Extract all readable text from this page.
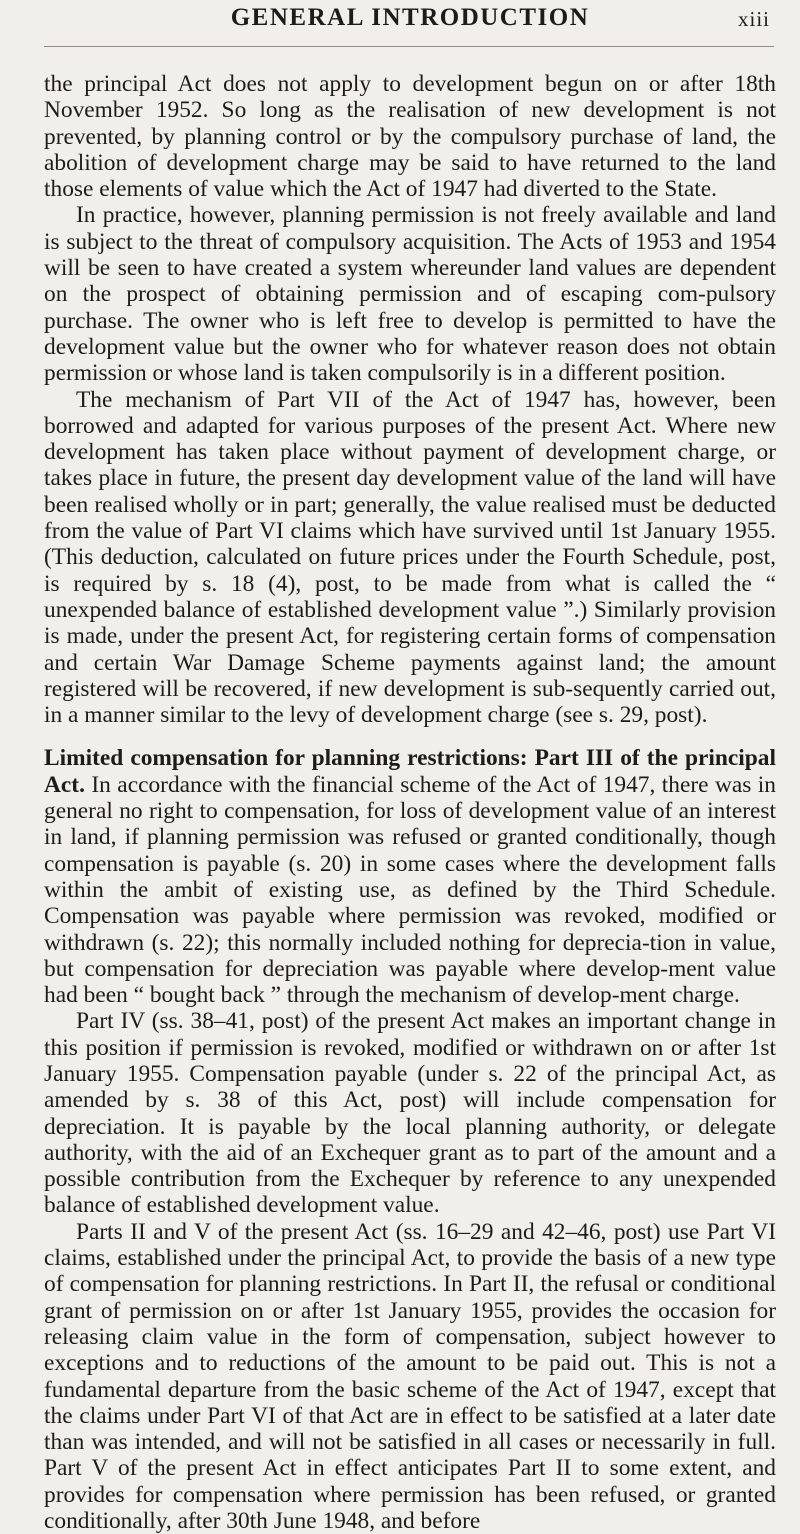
GENERAL INTRODUCTION	xiii

the principal Act does not apply to development begun on or after 18th November 1952. So long as the realisation of new development is not prevented, by planning control or by the compulsory purchase of land, the abolition of development charge may be said to have returned to the land those elements of value which the Act of 1947 had diverted to the State.

In practice, however, planning permission is not freely available and land is subject to the threat of compulsory acquisition. The Acts of 1953 and 1954 will be seen to have created a system whereunder land values are dependent on the prospect of obtaining permission and of escaping com-pulsory purchase. The owner who is left free to develop is permitted to have the development value but the owner who for whatever reason does not obtain permission or whose land is taken compulsorily is in a different position.

The mechanism of Part VII of the Act of 1947 has, however, been borrowed and adapted for various purposes of the present Act. Where new development has taken place without payment of development charge, or takes place in future, the present day development value of the land will have been realised wholly or in part; generally, the value realised must be deducted from the value of Part VI claims which have survived until 1st January 1955. (This deduction, calculated on future prices under the Fourth Schedule, post, is required by s. 18 (4), post, to be made from what is called the “ unexpended balance of established development value ”.) Similarly provision is made, under the present Act, for registering certain forms of compensation and certain War Damage Scheme payments against land; the amount registered will be recovered, if new development is sub-sequently carried out, in a manner similar to the levy of development charge (see s. 29, post).

Limited compensation for planning restrictions: Part III of the principal Act. In accordance with the financial scheme of the Act of 1947, there was in general no right to compensation, for loss of development value of an interest in land, if planning permission was refused or granted conditionally, though compensation is payable (s. 20) in some cases where the development falls within the ambit of existing use, as defined by the Third Schedule. Compensation was payable where permission was revoked, modified or withdrawn (s. 22); this normally included nothing for deprecia-tion in value, but compensation for depreciation was payable where develop-ment value had been “ bought back ” through the mechanism of develop-ment charge.

Part IV (ss. 38–41, post) of the present Act makes an important change in this position if permission is revoked, modified or withdrawn on or after 1st January 1955. Compensation payable (under s. 22 of the principal Act, as amended by s. 38 of this Act, post) will include compensation for depreciation. It is payable by the local planning authority, or delegate authority, with the aid of an Exchequer grant as to part of the amount and a possible contribution from the Exchequer by reference to any unexpended balance of established development value.

Parts II and V of the present Act (ss. 16–29 and 42–46, post) use Part VI claims, established under the principal Act, to provide the basis of a new type of compensation for planning restrictions. In Part II, the refusal or conditional grant of permission on or after 1st January 1955, provides the occasion for releasing claim value in the form of compensation, subject however to exceptions and to reductions of the amount to be paid out. This is not a fundamental departure from the basic scheme of the Act of 1947, except that the claims under Part VI of that Act are in effect to be satisfied at a later date than was intended, and will not be satisfied in all cases or necessarily in full. Part V of the present Act in effect anticipates Part II to some extent, and provides for compensation where permission has been refused, or granted conditionally, after 30th June 1948, and before
